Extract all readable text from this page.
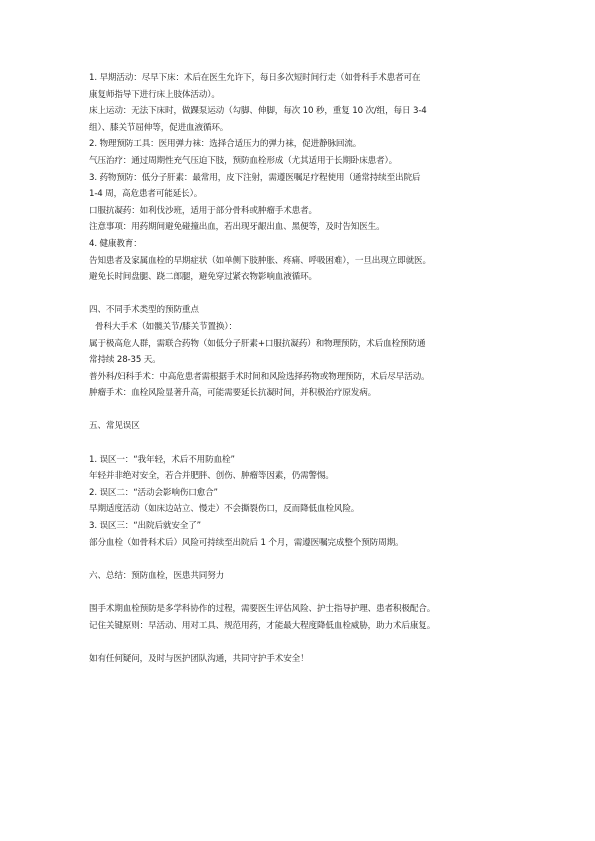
1. 早期活动：尽早下床：术后在医生允许下，每日多次短时间行走（如骨科手术患者可在
康复师指导下进行床上肢体活动）。
床上运动：无法下床时，做踝泵运动（勾脚、伸脚，每次 10 秒，重复 10 次/组，每日 3-4
组）、膝关节屈伸等，促进血液循环。
2. 物理预防工具：医用弹力袜：选择合适压力的弹力袜，促进静脉回流。
气压治疗：通过周期性充气压迫下肢，预防血栓形成（尤其适用于长期卧床患者）。
3. 药物预防：低分子肝素：最常用，皮下注射，需遵医嘱足疗程使用（通常持续至出院后
1-4 周，高危患者可能延长）。
口服抗凝药：如利伐沙班，适用于部分骨科或肿瘤手术患者。
注意事项：用药期间避免碰撞出血，若出现牙龈出血、黑便等，及时告知医生。
4. 健康教育：
告知患者及家属血栓的早期症状（如单侧下肢肿胀、疼痛、呼吸困难），一旦出现立即就医。
避免长时间盘腿、跷二郎腿，避免穿过紧衣物影响血液循环。
四、不同手术类型的预防重点
骨科大手术（如髋关节/膝关节置换）：
属于极高危人群，需联合药物（如低分子肝素+口服抗凝药）和物理预防，术后血栓预防通
常持续 28-35 天。
普外科/妇科手术：中高危患者需根据手术时间和风险选择药物或物理预防，术后尽早活动。
肿瘤手术：血栓风险显著升高，可能需要延长抗凝时间，并积极治疗原发病。
五、常见误区
1. 误区一：“我年轻，术后不用防血栓”
年轻并非绝对安全，若合并肥胖、创伤、肿瘤等因素，仍需警惕。
2. 误区二：“活动会影响伤口愈合”
早期适度活动（如床边站立、慢走）不会撕裂伤口，反而降低血栓风险。
3. 误区三：“出院后就安全了”
部分血栓（如骨科术后）风险可持续至出院后 1 个月，需遵医嘱完成整个预防周期。
六、总结：预防血栓，医患共同努力
围手术期血栓预防是多学科协作的过程，需要医生评估风险、护士指导护理、患者积极配合。
记住关键原则：早活动、用对工具、规范用药，才能最大程度降低血栓威胁，助力术后康复。
如有任何疑问，及时与医护团队沟通，共同守护手术安全！
